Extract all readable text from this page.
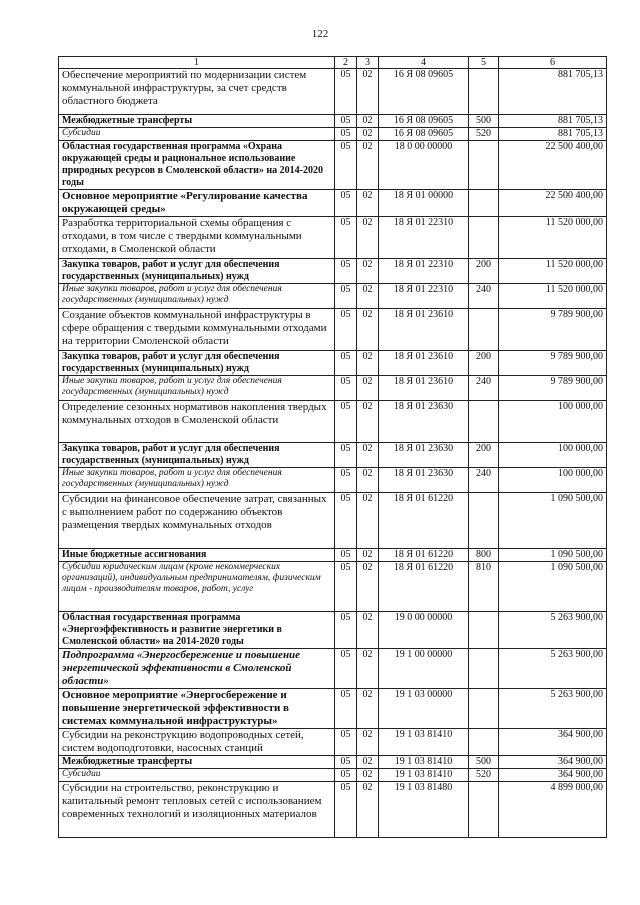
122
1	2	3	4	5	6
Обеспечение мероприятий по модернизации систем коммунальной инфраструктуры, за счет средств областного бюджета	05	02	16 Я 08 09605		881 705,13
Межбюджетные трансферты	05	02	16 Я 08 09605	500	881 705,13
Субсидии	05	02	16 Я 08 09605	520	881 705,13
Областная государственная программа «Охрана окружающей среды и рациональное использование природных ресурсов в Смоленской области» на 2014-2020 годы	05	02	18 0 00 00000		22 500 400,00
Основное мероприятие «Регулирование качества окружающей среды»	05	02	18 Я 01 00000		22 500 400,00
Разработка территориальной схемы обращения с отходами, в том числе с твердыми коммунальными отходами, в Смоленской области	05	02	18 Я 01 22310		11 520 000,00
Закупка товаров, работ и услуг для обеспечения государственных (муниципальных) нужд	05	02	18 Я 01 22310	200	11 520 000,00
Иные закупки товаров, работ и услуг для обеспечения государственных (муниципальных) нужд	05	02	18 Я 01 22310	240	11 520 000,00
Создание объектов коммунальной инфраструктуры в сфере обращения с твердыми коммунальными отходами на территории Смоленской области	05	02	18 Я 01 23610		9 789 900,00
Закупка товаров, работ и услуг для обеспечения государственных (муниципальных) нужд	05	02	18 Я 01 23610	200	9 789 900,00
Иные закупки товаров, работ и услуг для обеспечения государственных (муниципальных) нужд	05	02	18 Я 01 23610	240	9 789 900,00
Определение сезонных нормативов накопления твердых коммунальных отходов в Смоленской области	05	02	18 Я 01 23630		100 000,00
Закупка товаров, работ и услуг для обеспечения государственных (муниципальных) нужд	05	02	18 Я 01 23630	200	100 000,00
Иные закупки товаров, работ и услуг для обеспечения государственных (муниципальных) нужд	05	02	18 Я 01 23630	240	100 000,00
Субсидии на финансовое обеспечение затрат, связанных с выполнением работ по содержанию объектов размещения твердых коммунальных отходов	05	02	18 Я 01 61220		1 090 500,00
Иные бюджетные ассигнования	05	02	18 Я 01 61220	800	1 090 500,00
Субсидии юридическим лицам (кроме некоммерческих организаций), индивидуальным предпринимателям, физическим лицам - производителям товаров, работ, услуг	05	02	18 Я 01 61220	810	1 090 500,00
Областная государственная программа «Энергоэффективность и развитие энергетики в Смоленской области» на 2014-2020 годы	05	02	19 0 00 00000		5 263 900,00
Подпрограмма «Энергосбережение и повышение энергетической эффективности в Смоленской области»	05	02	19 1 00 00000		5 263 900,00
Основное мероприятие «Энергосбережение и повышение энергетической эффективности в системах коммунальной инфраструктуры»	05	02	19 1 03 00000		5 263 900,00
Субсидии на реконструкцию водопроводных сетей, систем водоподготовки, насосных станций	05	02	19 1 03 81410		364 900,00
Межбюджетные трансферты	05	02	19 1 03 81410	500	364 900,00
Субсидии	05	02	19 1 03 81410	520	364 900,00
Субсидии на строительство, реконструкцию и капитальный ремонт тепловых сетей с использованием современных технологий и изоляционных материалов	05	02	19 1 03 81480		4 899 000,00
